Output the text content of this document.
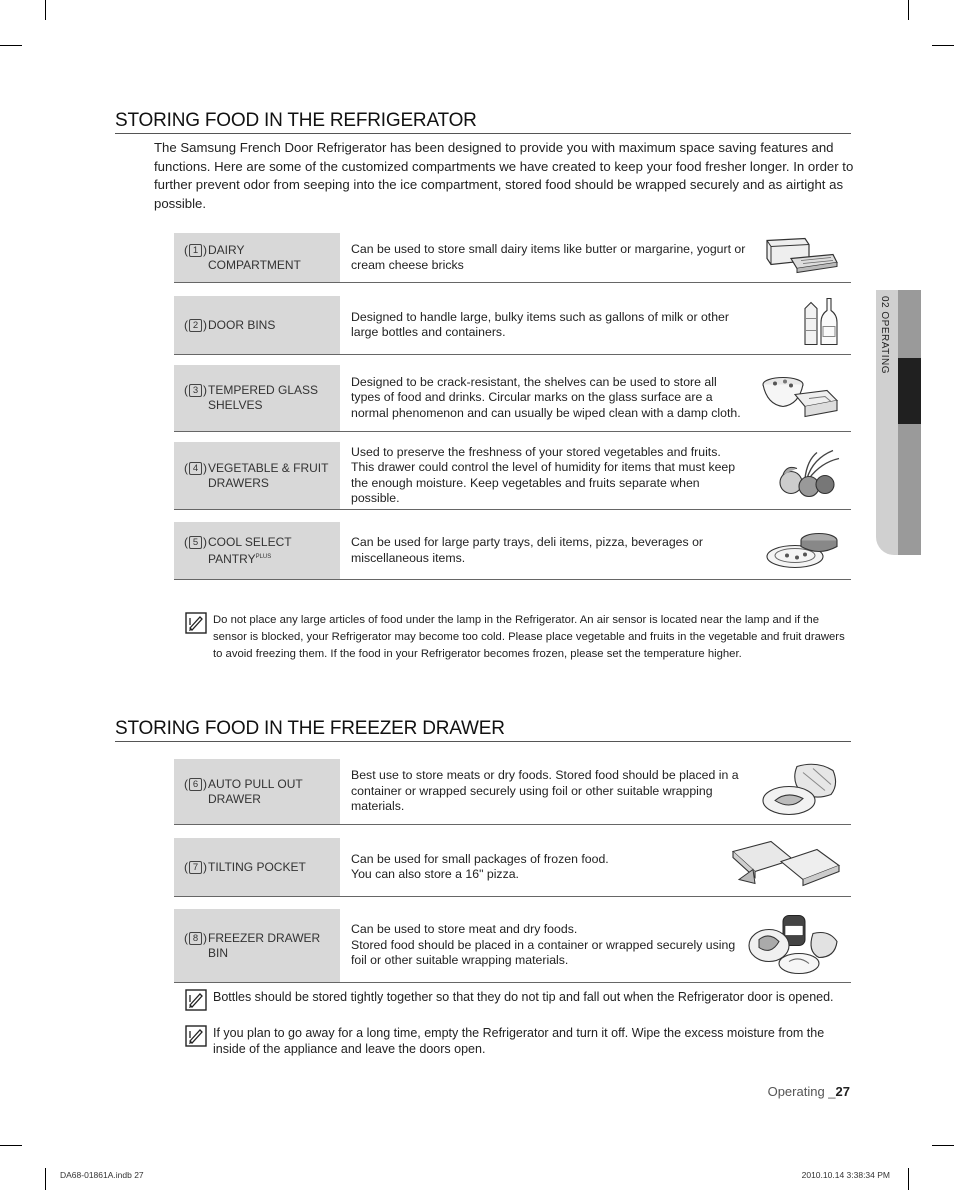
02 OPERATING
STORING FOOD IN THE REFRIGERATOR
The Samsung French Door Refrigerator has been designed to provide you with maximum space saving features and functions. Here are some of the customized compartments we have created to keep your food fresher longer. In order to further prevent odor from seeping into the ice compartment, stored food should be wrapped securely and as airtight as possible.
( 1 ) DAIRY COMPARTMENT
Can be used to store small dairy items like butter or margarine, yogurt or cream cheese bricks
( 2 ) DOOR BINS
Designed to handle large, bulky items such as gallons of milk or other large bottles and containers.
( 3 ) TEMPERED GLASS SHELVES
Designed to be crack-resistant, the shelves can be used to store all types of food and drinks. Circular marks on the glass surface are a normal phenomenon and can usually be wiped clean with a damp cloth.
( 4 ) VEGETABLE & FRUIT DRAWERS
Used to preserve the freshness of your stored vegetables and fruits. This drawer could control the level of humidity for items that must keep the enough moisture. Keep vegetables and fruits separate when possible.
( 5 ) COOL SELECT $PANTRY^{PLUS}$
Can be used for large party trays, deli items, pizza, beverages or miscellaneous items.
Do not place any large articles of food under the lamp in the Refrigerator. An air sensor is located near the lamp and if the sensor is blocked, your Refrigerator may become too cold. Please place vegetable and fruits in the vegetable and fruit drawers to avoid freezing them. If the food in your Refrigerator becomes frozen, please set the temperature higher.
STORING FOOD IN THE FREEZER DRAWER
( 6 ) AUTO PULL OUT DRAWER
Best use to store meats or dry foods. Stored food should be placed in a container or wrapped securely using foil or other suitable wrapping materials.
( 7 ) TILTING POCKET
Can be used for small packages of frozen food.
You can also store a 16" pizza.
( 8 ) FREEZER DRAWER BIN
Can be used to store meat and dry foods.
Stored food should be placed in a container or wrapped securely using foil or other suitable wrapping materials.
Bottles should be stored tightly together so that they do not tip and fall out when the Refrigerator door is opened.
If you plan to go away for a long time, empty the Refrigerator and turn it off. Wipe the excess moisture from the inside of the appliance and leave the doors open.
Operating _27
DA68-01861A.indb 27	2010.10.14 3:38:34 PM
